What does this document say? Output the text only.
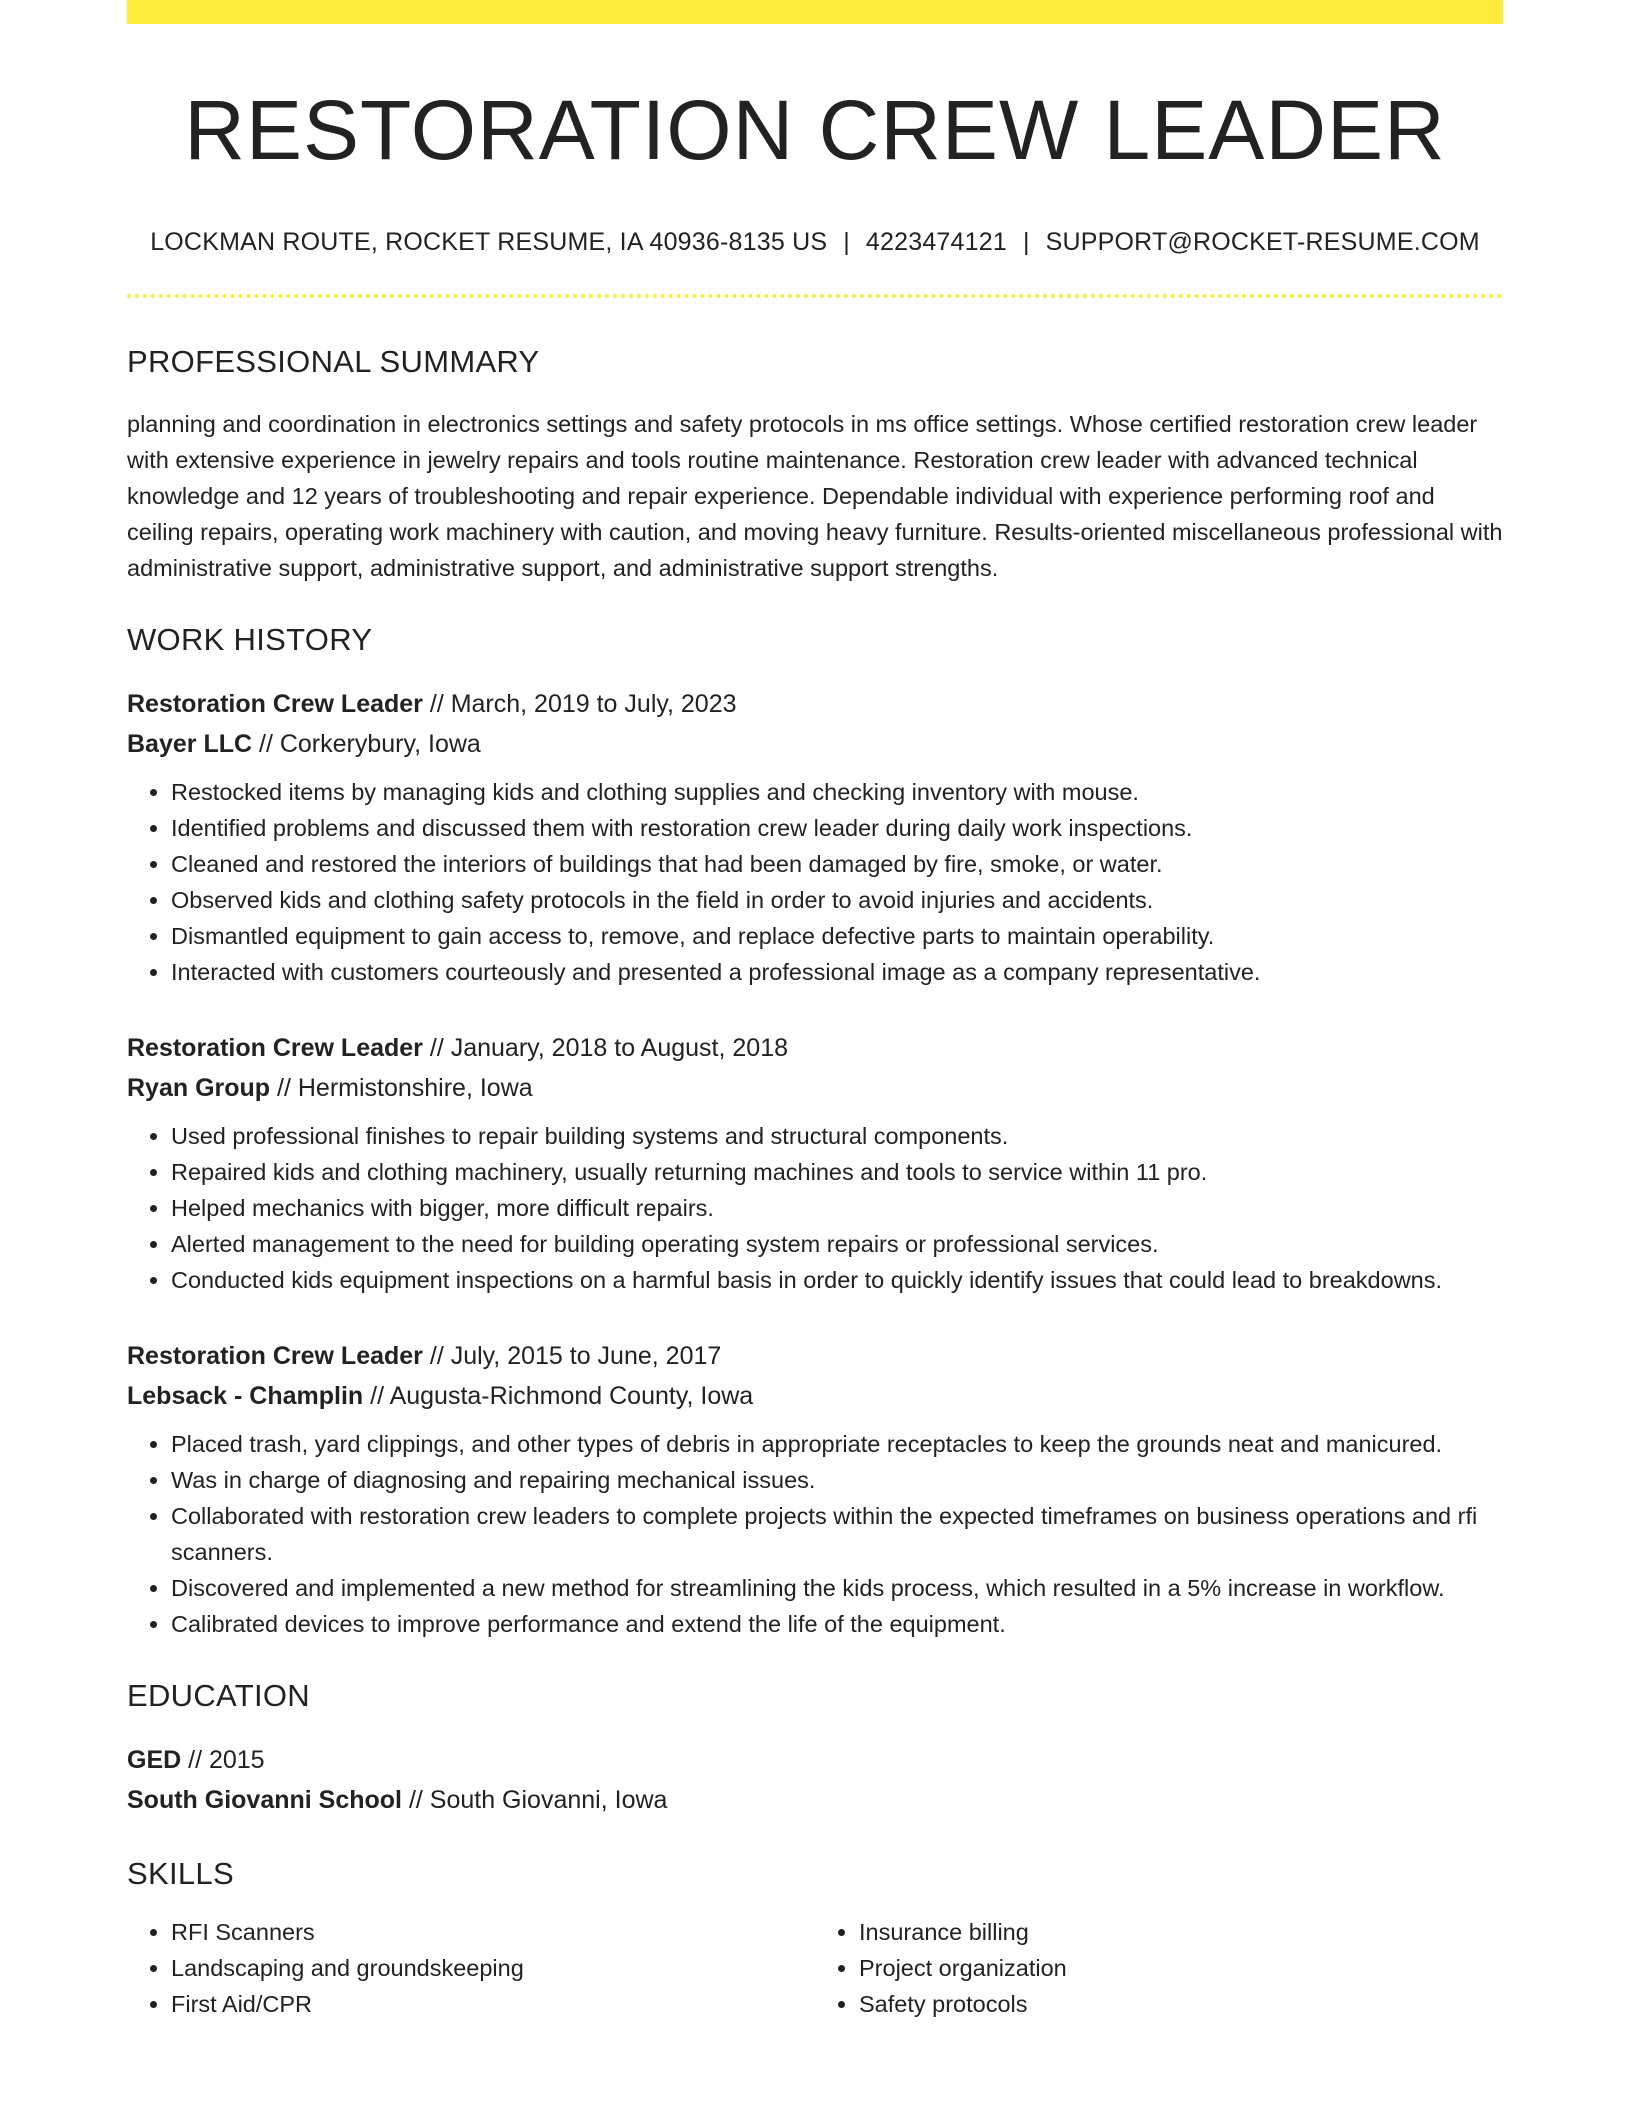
RESTORATION CREW LEADER
LOCKMAN ROUTE, ROCKET RESUME, IA 40936-8135 US | 4223474121 | SUPPORT@ROCKET-RESUME.COM
PROFESSIONAL SUMMARY

planning and coordination in electronics settings and safety protocols in ms office settings. Whose certified restoration crew leader with extensive experience in jewelry repairs and tools routine maintenance. Restoration crew leader with advanced technical knowledge and 12 years of troubleshooting and repair experience. Dependable individual with experience performing roof and ceiling repairs, operating work machinery with caution, and moving heavy furniture. Results-oriented miscellaneous professional with administrative support, administrative support, and administrative support strengths.

WORK HISTORY
Restoration Crew Leader // March, 2019 to July, 2023
Bayer LLC // Corkerybury, Iowa
• Restocked items by managing kids and clothing supplies and checking inventory with mouse.
• Identified problems and discussed them with restoration crew leader during daily work inspections.
• Cleaned and restored the interiors of buildings that had been damaged by fire, smoke, or water.
• Observed kids and clothing safety protocols in the field in order to avoid injuries and accidents.
• Dismantled equipment to gain access to, remove, and replace defective parts to maintain operability.
• Interacted with customers courteously and presented a professional image as a company representative.
Restoration Crew Leader // January, 2018 to August, 2018
Ryan Group // Hermistonshire, Iowa
• Used professional finishes to repair building systems and structural components.
• Repaired kids and clothing machinery, usually returning machines and tools to service within 11 pro.
• Helped mechanics with bigger, more difficult repairs.
• Alerted management to the need for building operating system repairs or professional services.
• Conducted kids equipment inspections on a harmful basis in order to quickly identify issues that could lead to breakdowns.
Restoration Crew Leader // July, 2015 to June, 2017
Lebsack - Champlin // Augusta-Richmond County, Iowa
• Placed trash, yard clippings, and other types of debris in appropriate receptacles to keep the grounds neat and manicured.
• Was in charge of diagnosing and repairing mechanical issues.
• Collaborated with restoration crew leaders to complete projects within the expected timeframes on business operations and rfi scanners.
• Discovered and implemented a new method for streamlining the kids process, which resulted in a 5% increase in workflow.
• Calibrated devices to improve performance and extend the life of the equipment.
EDUCATION
GED // 2015
South Giovanni School // South Giovanni, Iowa
SKILLS
• RFI Scanners
• Landscaping and groundskeeping
• First Aid/CPR
• Insurance billing
• Project organization
• Safety protocols
